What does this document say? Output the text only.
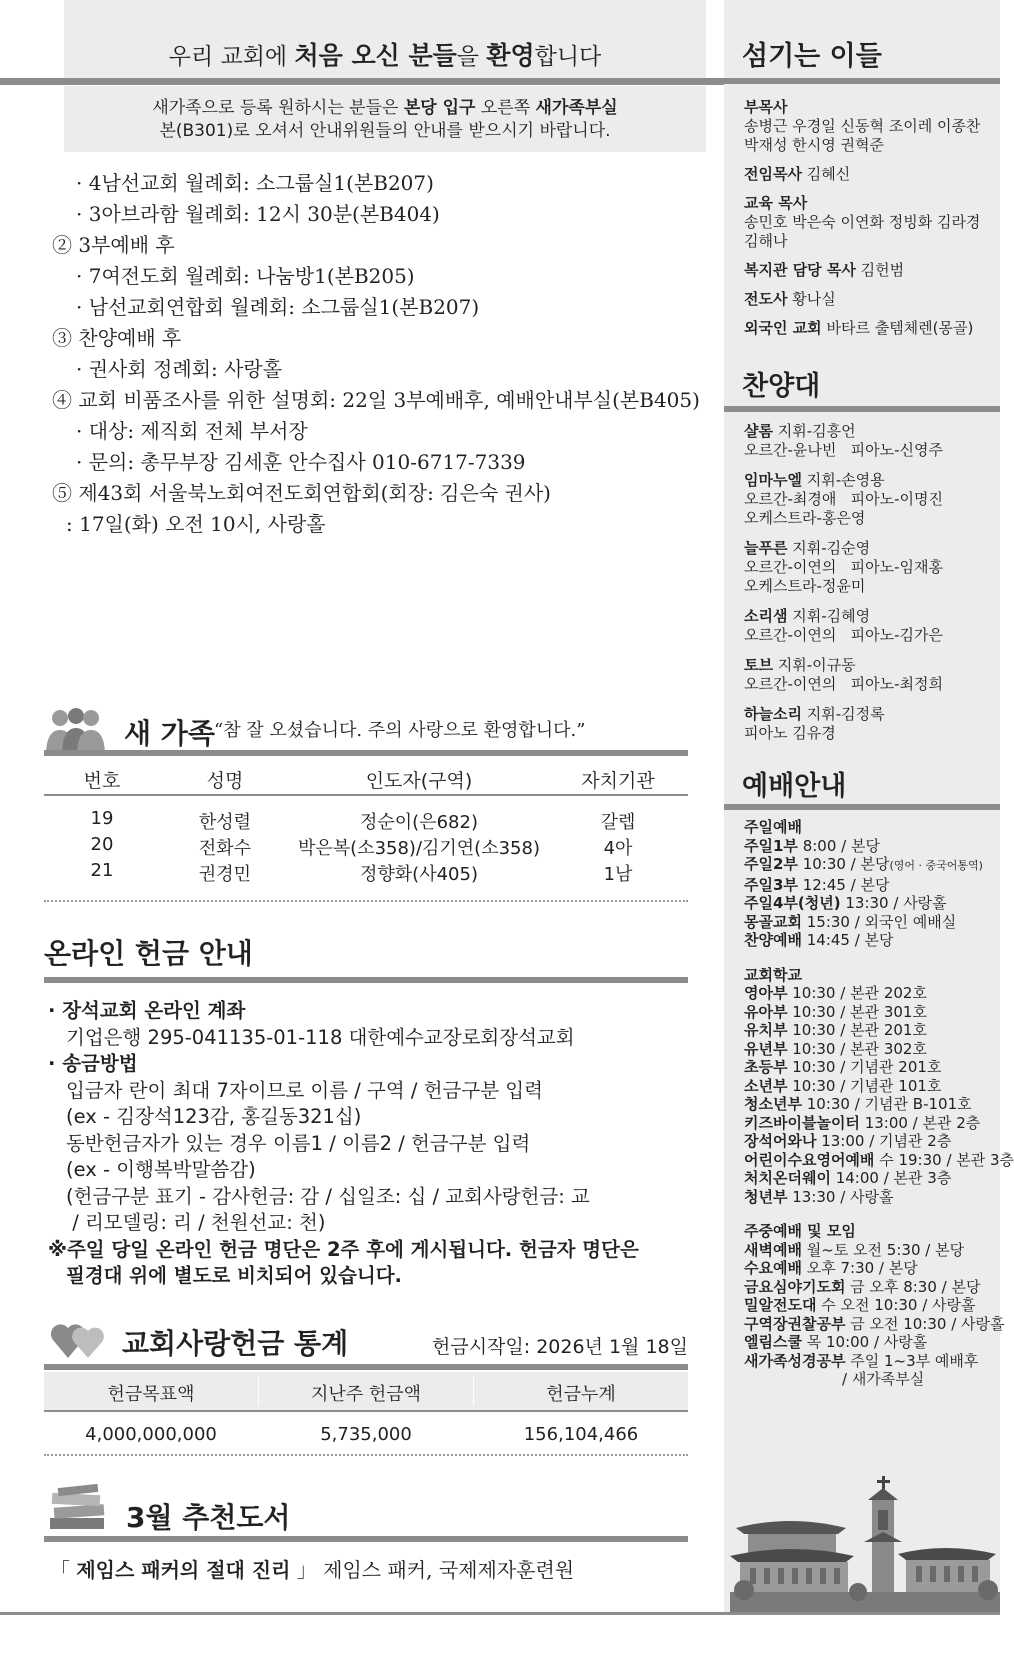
우리 교회에 처음 오신 분들을 환영합니다
새가족으로 등록 원하시는 분들은 본당 입구 오른쪽 새가족부실
본(B301)로 오셔서 안내위원들의 안내를 받으시기 바랍니다.
· 4남선교회 월례회: 소그룹실1(본B207)
· 3아브라함 월례회: 12시 30분(본B404)
② 3부예배 후
· 7여전도회 월례회: 나눔방1(본B205)
· 남선교회연합회 월례회: 소그룹실1(본B207)
③ 찬양예배 후
· 권사회 정례회: 사랑홀
④ 교회 비품조사를 위한 설명회: 22일 3부예배후, 예배안내부실(본B405)
· 대상: 제직회 전체 부서장
· 문의: 총무부장 김세훈 안수집사 010-6717-7339
⑤ 제43회 서울북노회여전도회연합회(회장: 김은숙 권사)
: 17일(화) 오전 10시, 사랑홀
새 가족 “참 잘 오셨습니다. 주의 사랑으로 환영합니다.”
번호	성명	인도자(구역)	자치기관
19	한성렬	정순이(은682)	갈렙
20	전화수	박은복(소358)/김기연(소358)	4아
21	권경민	정향화(사405)	1남
온라인 헌금 안내
· 장석교회 온라인 계좌
기업은행 295-041135-01-118 대한예수교장로회장석교회
· 송금방법
입금자 란이 최대 7자이므로 이름 / 구역 / 헌금구분 입력
(ex - 김장석123감, 홍길동321십)
동반헌금자가 있는 경우 이름1 / 이름2 / 헌금구분 입력
(ex - 이행복박말씀감)
(헌금구분 표기 - 감사헌금: 감 / 십일조: 십 / 교회사랑헌금: 교
/ 리모델링: 리 / 천원선교: 천)
※주일 당일 온라인 헌금 명단은 2주 후에 게시됩니다. 헌금자 명단은
필경대 위에 별도로 비치되어 있습니다.
교회사랑헌금 통계	헌금시작일: 2026년 1월 18일
헌금목표액	지난주 헌금액	헌금누계
4,000,000,000	5,735,000	156,104,466
3월 추천도서
「 제임스 패커의 절대 진리 」 제임스 패커, 국제제자훈련원
섬기는 이들
부목사
송병근 우경일 신동혁 조이레 이종찬 박재성 한시영 권혁준
전임목사 김혜신
교육 목사
송민호 박은숙 이연화 정빙화 김라경 김해나
복지관 담당 목사 김헌범
전도사 황나실
외국인 교회 바타르 출템체렌(몽골)
찬양대
샬롬 지휘-김흥언
오르간-윤나빈   피아노-신영주
임마누엘 지휘-손영용
오르간-최경애   피아노-이명진
오케스트라-홍은영
늘푸른 지휘-김순영
오르간-이연의   피아노-임재홍
오케스트라-정윤미
소리샘 지휘-김혜영
오르간-이연의   피아노-김가은
토브 지휘-이규동
오르간-이연의   피아노-최정희
하늘소리 지휘-김정록
피아노 김유경
예배안내
주일예배
주일1부 8:00 / 본당
주일2부 10:30 / 본당(영어 · 중국어통역)
주일3부 12:45 / 본당
주일4부(청년) 13:30 / 사랑홀
몽골교회 15:30 / 외국인 예배실
찬양예배 14:45 / 본당
교회학교
영아부 10:30 / 본관 202호
유아부 10:30 / 본관 301호
유치부 10:30 / 본관 201호
유년부 10:30 / 본관 302호
초등부 10:30 / 기념관 201호
소년부 10:30 / 기념관 101호
청소년부 10:30 / 기념관 B-101호
키즈바이블놀이터 13:00 / 본관 2층
장석어와나 13:00 / 기념관 2층
어린이수요영어예배 수 19:30 / 본관 3층
처치온더웨이 14:00 / 본관 3층
청년부 13:30 / 사랑홀
주중예배 및 모임
새벽예배 월~토 오전 5:30 / 본당
수요예배 오후 7:30 / 본당
금요심야기도회 금 오후 8:30 / 본당
밀알전도대 수 오전 10:30 / 사랑홀
구역장권찰공부 금 오전 10:30 / 사랑홀
엘림스쿨 목 10:00 / 사랑홀
새가족성경공부 주일 1~3부 예배후
/ 새가족부실
